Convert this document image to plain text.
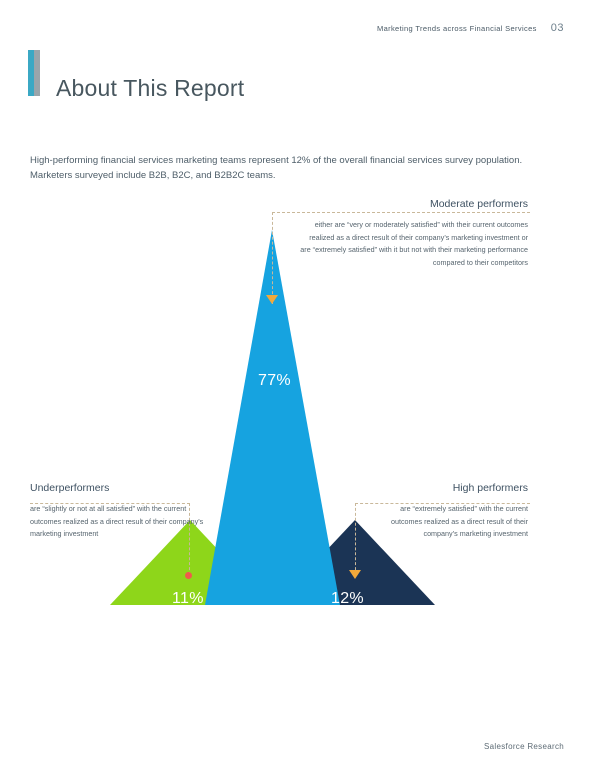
Marketing Trends across Financial Services 03
About This Report

High-performing financial services marketing teams represent 12% of the overall financial services survey population. Marketers surveyed include B2B, B2C, and B2B2C teams.

77%
11%	12%
Moderate performers
either are “very or moderately satisfied” with their current outcomes realized as a direct result of their company’s marketing investment or are “extremely satisfied” with it but not with their marketing performance compared to their competitors
Underperformers
are “slightly or not at all satisfied” with the current outcomes realized as a direct result of their company’s marketing investment
High performers
are “extremely satisfied” with the current outcomes realized as a direct result of their company’s marketing investment
Salesforce Research
